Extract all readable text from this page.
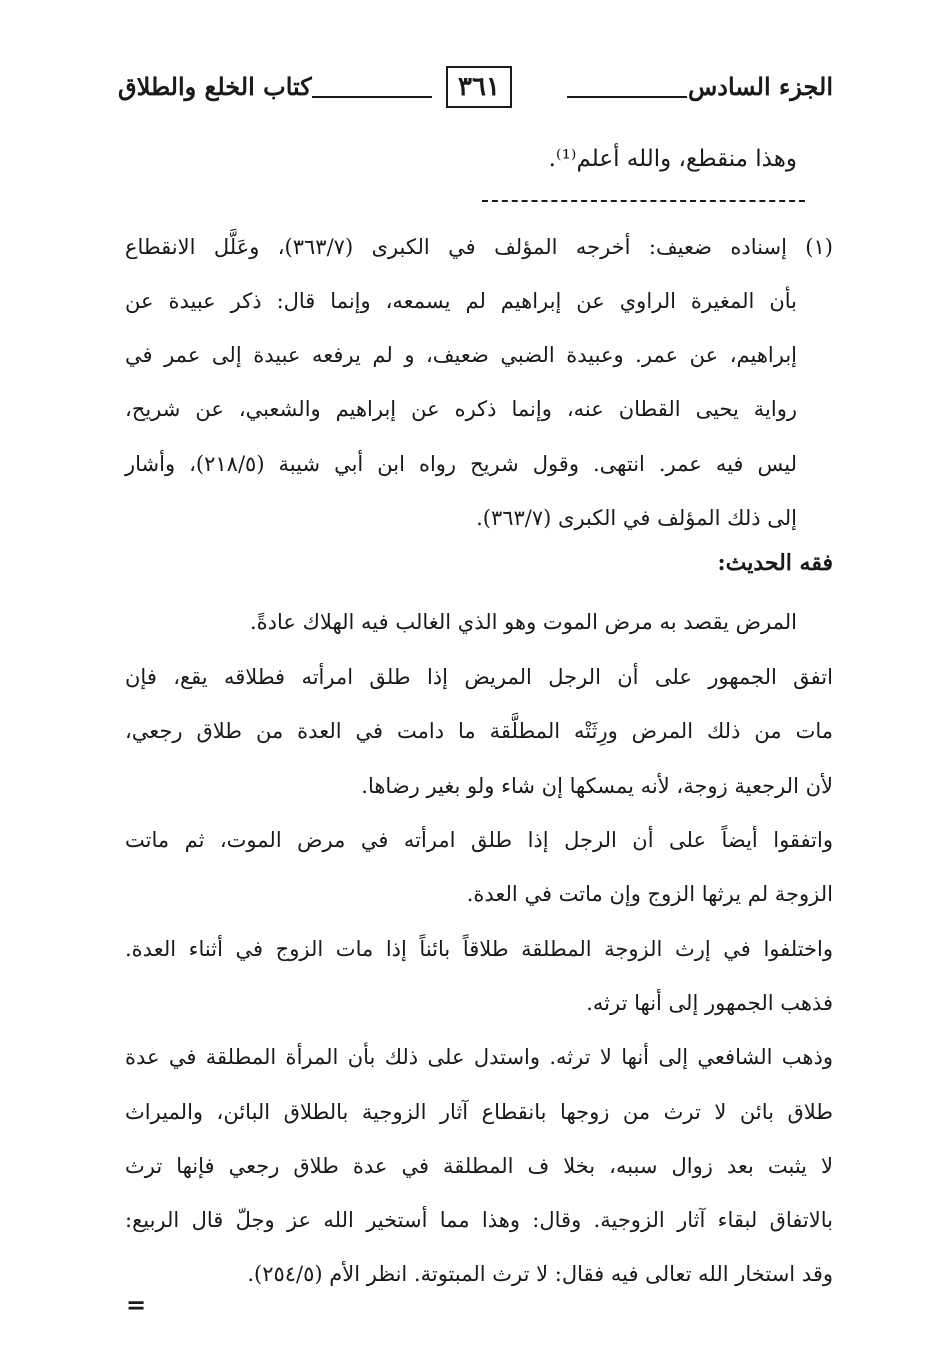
الجزء السادس
٣٦١
كتاب الخلع والطلاق
وهذا منقطع، والله أعلم⁽¹⁾.
(١) إسناده ضعيف: أخرجه المؤلف في الكبرى (٣٦٣/٧)، وعَلَّل الانقطاع
بأن المغيرة الراوي عن إبراهيم لم يسمعه، وإنما قال: ذكر عبيدة عن
إبراهيم، عن عمر. وعبيدة الضبي ضعيف، و لم يرفعه عبيدة إلى عمر في
رواية يحيى القطان عنه، وإنما ذكره عن إبراهيم والشعبي، عن شريح،
ليس فيه عمر. انتهى. وقول شريح رواه ابن أبي شيبة (٢١٨/٥)، وأشار
إلى ذلك المؤلف في الكبرى (٣٦٣/٧).
فقه الحديث:
المرض يقصد به مرض الموت وهو الذي الغالب فيه الهلاك عادةً.
اتفق الجمهور على أن الرجل المريض إذا طلق امرأته فطلاقه يقع، فإن
مات من ذلك المرض ورِثَتْه المطلَّقة ما دامت في العدة من طلاق رجعي،
لأن الرجعية زوجة، لأنه يمسكها إن شاء ولو بغير رضاها.
واتفقوا أيضاً على أن الرجل إذا طلق امرأته في مرض الموت، ثم ماتت
الزوجة لم يرثها الزوج وإن ماتت في العدة.
واختلفوا في إرث الزوجة المطلقة طلاقاً بائناً إذا مات الزوج في أثناء العدة.
فذهب الجمهور إلى أنها ترثه.
وذهب الشافعي إلى أنها لا ترثه. واستدل على ذلك بأن المرأة المطلقة في عدة
طلاق بائن لا ترث من زوجها بانقطاع آثار الزوجية بالطلاق البائن، والميراث
لا يثبت بعد زوال سببه، بخلا ف المطلقة في عدة طلاق رجعي فإنها ترث
بالاتفاق لبقاء آثار الزوجية. وقال: وهذا مما أستخير الله عز وجلّ قال الربيع:
وقد استخار الله تعالى فيه فقال: لا ترث المبتوتة. انظر الأم (٢٥٤/٥).
=
